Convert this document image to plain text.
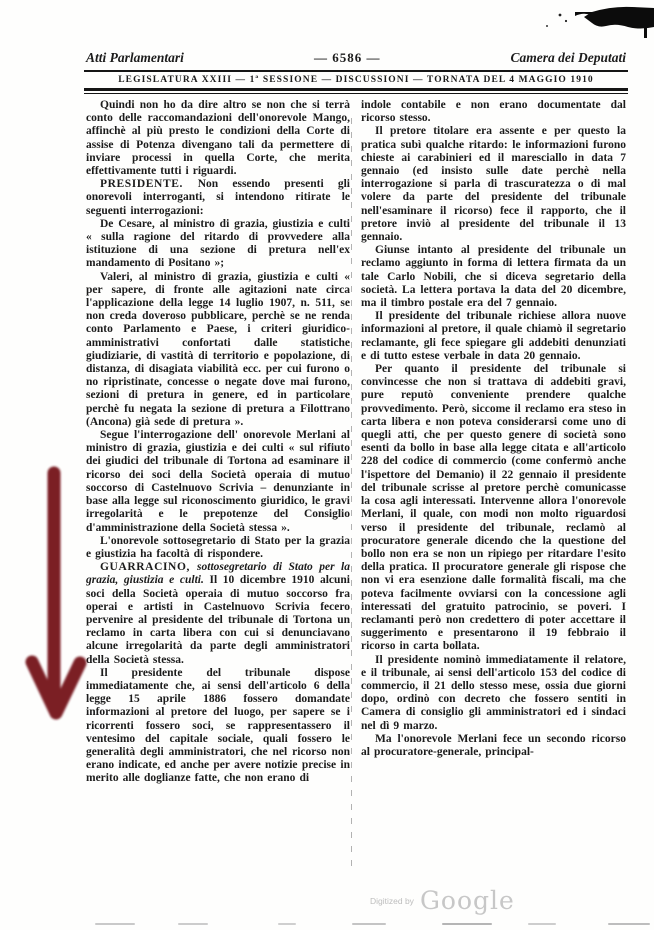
Atti Parlamentari	— 6586 —	Camera dei Deputati
LEGISLATURA XXIII — 1ª SESSIONE — DISCUSSIONI — TORNATA DEL 4 MAGGIO 1910

Quindi non ho da dire altro se non che si terrà conto delle raccomandazioni dell'onorevole Mango, affinchè al più presto le condizioni della Corte di assise di Potenza divengano tali da permettere di inviare processi in quella Corte, che merita effettivamente tutti i riguardi.

PRESIDENTE. Non essendo presenti gli onorevoli interroganti, si intendono ritirate le seguenti interrogazioni:

De Cesare, al ministro di grazia, giustizia e culti « sulla ragione del ritardo di provvedere alla istituzione di una sezione di pretura nell'ex mandamento di Positano »;

Valeri, al ministro di grazia, giustizia e culti « per sapere, di fronte alle agitazioni nate circa l'applicazione della legge 14 luglio 1907, n. 511, se non creda doveroso pubblicare, perchè se ne renda conto Parlamento e Paese, i criteri giuridico-amministrativi confortati dalle statistiche giudiziarie, di vastità di territorio e popolazione, di distanza, di disagiata viabilità ecc. per cui furono o no ripristinate, concesse o negate dove mai furono, sezioni di pretura in genere, ed in particolare perchè fu negata la sezione di pretura a Filottrano (Ancona) già sede di pretura ».

Segue l'interrogazione dell' onorevole Merlani al ministro di grazia, giustizia e dei culti « sul rifiuto dei giudici del tribunale di Tortona ad esaminare il ricorso dei soci della Società operaia di mutuo soccorso di Castelnuovo Scrivia – denunziante in base alla legge sul riconoscimento giuridico, le gravi irregolarità e le prepotenze del Consiglio d'amministrazione della Società stessa ».

L'onorevole sottosegretario di Stato per la grazia e giustizia ha facoltà di rispondere.

GUARRACINO, sottosegretario di Stato per la grazia, giustizia e culti. Il 10 dicembre 1910 alcuni soci della Società operaia di mutuo soccorso fra operai e artisti in Castelnuovo Scrivia fecero pervenire al presidente del tribunale di Tortona un reclamo in carta libera con cui si denunciavano alcune irregolarità da parte degli amministratori della Società stessa.

Il presidente del tribunale dispose immediatamente che, ai sensi dell'articolo 6 della legge 15 aprile 1886 fossero domandate informazioni al pretore del luogo, per sapere se i ricorrenti fossero soci, se rappresentassero il ventesimo del capitale sociale, quali fossero le generalità degli amministratori, che nel ricorso non erano indicate, ed anche per avere notizie precise in merito alle doglianze fatte, che non erano di

indole contabile e non erano documentate dal ricorso stesso.

Il pretore titolare era assente e per questo la pratica subì qualche ritardo: le informazioni furono chieste ai carabinieri ed il maresciallo in data 7 gennaio (ed insisto sulle date perchè nella interrogazione si parla di trascuratezza o di mal volere da parte del presidente del tribunale nell'esaminare il ricorso) fece il rapporto, che il pretore inviò al presidente del tribunale il 13 gennaio.

Giunse intanto al presidente del tribunale un reclamo aggiunto in forma di lettera firmata da un tale Carlo Nobili, che si diceva segretario della società. La lettera portava la data del 20 dicembre, ma il timbro postale era del 7 gennaio.

Il presidente del tribunale richiese allora nuove informazioni al pretore, il quale chiamò il segretario reclamante, gli fece spiegare gli addebiti denunziati e di tutto estese verbale in data 20 gennaio.

Per quanto il presidente del tribunale si convincesse che non si trattava di addebiti gravi, pure reputò conveniente prendere qualche provvedimento. Però, siccome il reclamo era steso in carta libera e non poteva considerarsi come uno di quegli atti, che per questo genere di società sono esenti da bollo in base alla legge citata e all'articolo 228 del codice di commercio (come confermò anche l'ispettore del Demanio) il 22 gennaio il presidente del tribunale scrisse al pretore perchè comunicasse la cosa agli interessati. Intervenne allora l'onorevole Merlani, il quale, con modi non molto riguardosi verso il presidente del tribunale, reclamò al procuratore generale dicendo che la questione del bollo non era se non un ripiego per ritardare l'esito della pratica. Il procuratore generale gli rispose che non vi era esenzione dalle formalità fiscali, ma che poteva facilmente ovviarsi con la concessione agli interessati del gratuito patrocinio, se poveri. I reclamanti però non credettero di poter accettare il suggerimento e presentarono il 19 febbraio il ricorso in carta bollata.

Il presidente nominò immediatamente il relatore, e il tribunale, ai sensi dell'articolo 153 del codice di commercio, il 21 dello stesso mese, ossia due giorni dopo, ordinò con decreto che fossero sentiti in Camera di consiglio gli amministratori ed i sindaci nel dì 9 marzo.

Ma l'onorevole Merlani fece un secondo ricorso al procuratore-generale, principal-

Digitized by Google
